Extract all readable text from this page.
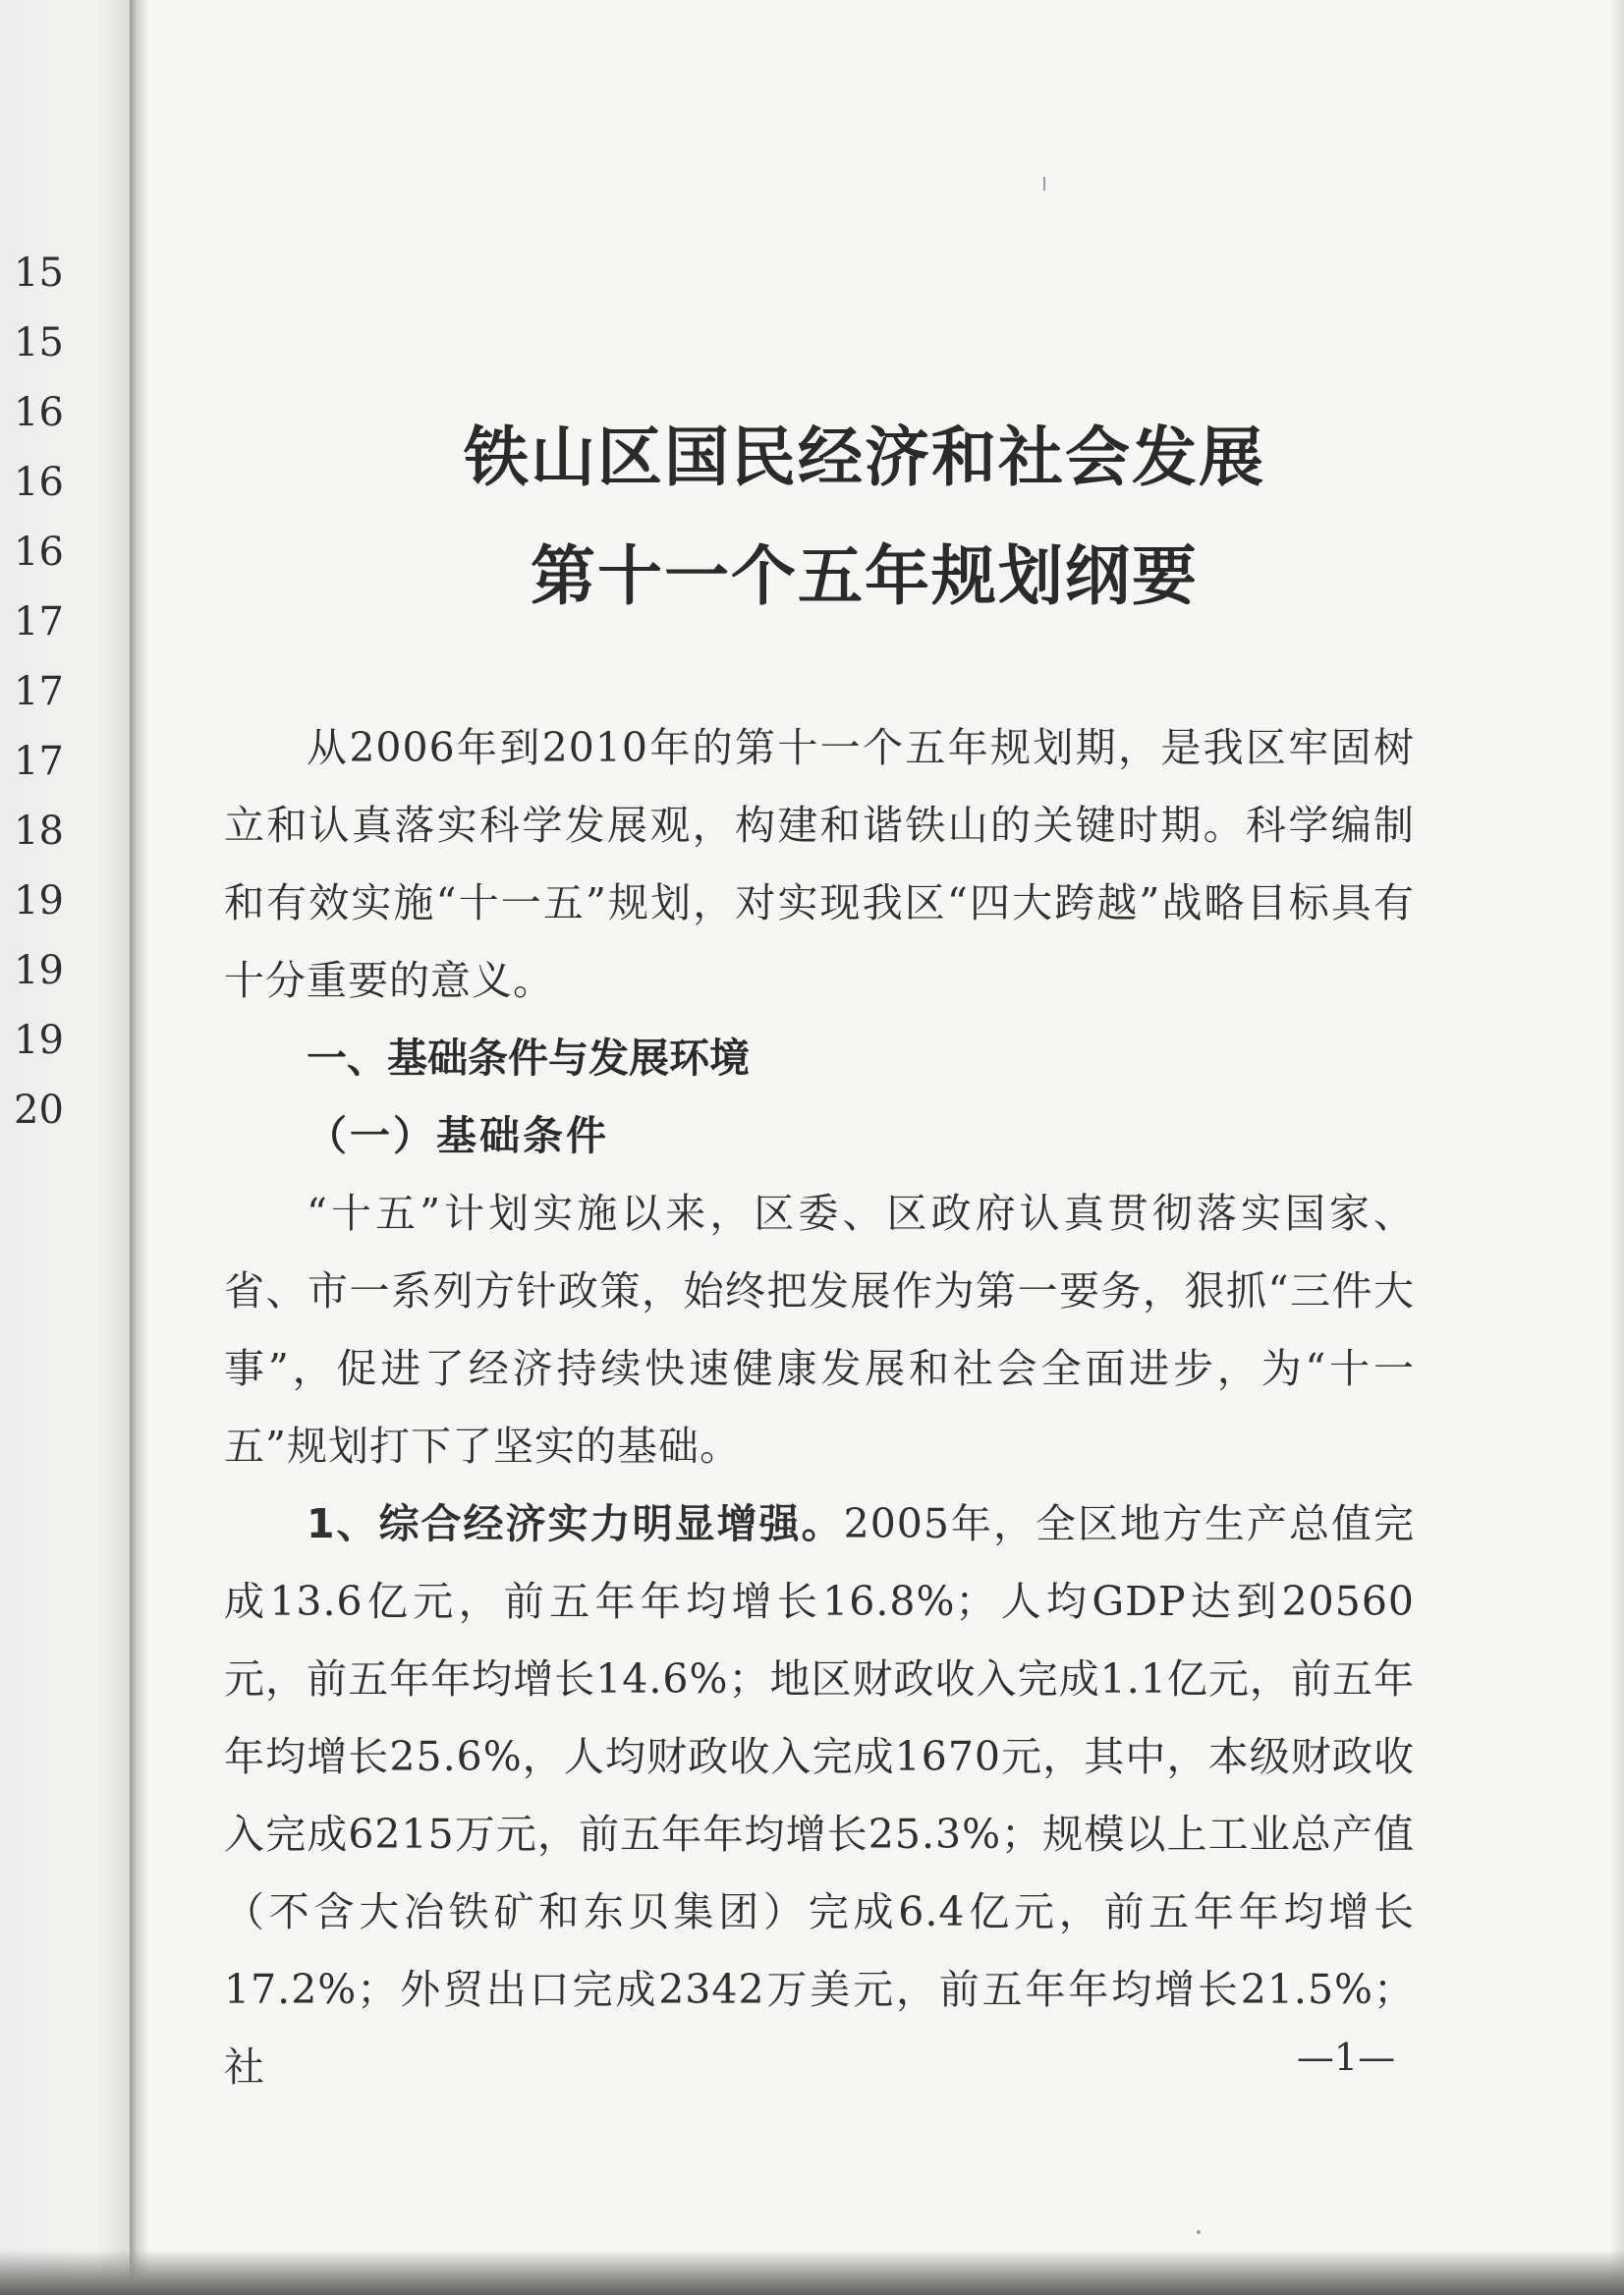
15
15
16
16
16
17
17
17
18
19
19
19
20
铁山区国民经济和社会发展
第十一个五年规划纲要

从2006年到2010年的第十一个五年规划期，是我区牢固树立和认真落实科学发展观，构建和谐铁山的关键时期。科学编制和有效实施“十一五”规划，对实现我区“四大跨越”战略目标具有十分重要的意义。

一、基础条件与发展环境

（一）基础条件

“十五”计划实施以来，区委、区政府认真贯彻落实国家、省、市一系列方针政策，始终把发展作为第一要务，狠抓“三件大事”，促进了经济持续快速健康发展和社会全面进步，为“十一五”规划打下了坚实的基础。

1、综合经济实力明显增强。2005年，全区地方生产总值完成13.6亿元，前五年年均增长16.8%；人均GDP达到20560元，前五年年均增长14.6%；地区财政收入完成1.1亿元，前五年年均增长25.6%，人均财政收入完成1670元，其中，本级财政收入完成6215万元，前五年年均增长25.3%；规模以上工业总产值（不含大冶铁矿和东贝集团）完成6.4亿元，前五年年均增长17.2%；外贸出口完成2342万美元，前五年年均增长21.5%；社	—1—
